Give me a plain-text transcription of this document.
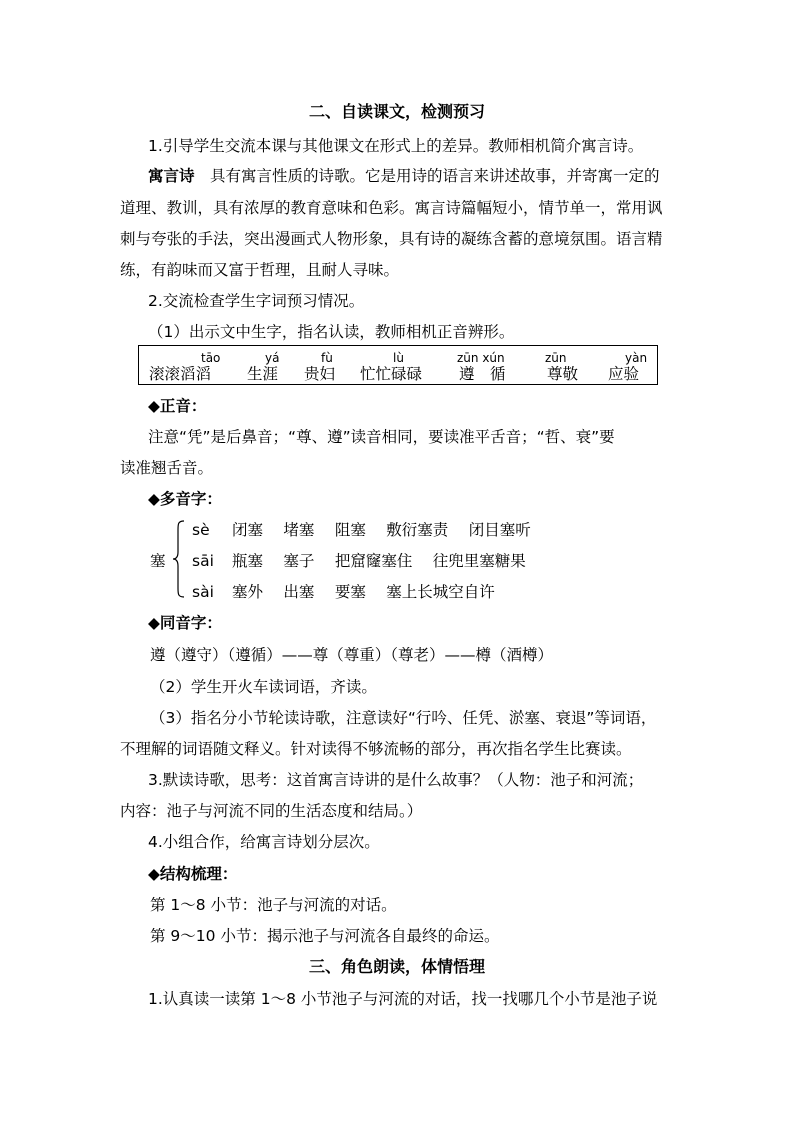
二、自读课文，检测预习
1.引导学生交流本课与其他课文在形式上的差异。教师相机简介寓言诗。
寓言诗　 具有寓言性质的诗歌。它是用诗的语言来讲述故事，并寄寓一定的
道理、教训，具有浓厚的教育意味和色彩。寓言诗篇幅短小，情节单一，常用讽
刺与夸张的手法，突出漫画式人物形象，具有诗的凝练含蓄的意境氛围。语言精
练，有韵味而又富于哲理，且耐人寻味。
2.交流检查学生字词预习情况。
（1）出示文中生字，指名认读，教师相机正音辨形。
tāo
滚滚滔滔
yá
生涯
fù
贵妇
lù
忙忙碌碌
zūn xún
遵　循
zūn
尊敬
yàn
应验
◆正音：
注意“凭”是后鼻音；“尊、遵”读音相同，要读准平舌音；“哲、衰”要
读准翘舌音。
◆多音字：
塞
sè 闭塞　 堵塞　 阻塞　 敷衍塞责　 闭目塞听
sāi 瓶塞　 塞子　 把窟窿塞住　 往兜里塞糖果
sài 塞外　 出塞　 要塞　 塞上长城空自许
◆同音字：
遵（遵守）（遵循）——尊（尊重）（尊老）——樽（酒樽）
（2）学生开火车读词语，齐读。
（3）指名分小节轮读诗歌，注意读好“行吟、任凭、淤塞、衰退”等词语，
不理解的词语随文释义。针对读得不够流畅的部分，再次指名学生比赛读。
3.默读诗歌，思考：这首寓言诗讲的是什么故事？（人物：池子和河流；
内容：池子与河流不同的生活态度和结局。）
4.小组合作，给寓言诗划分层次。
◆结构梳理：
第 1～8 小节：池子与河流的对话。
第 9～10 小节：揭示池子与河流各自最终的命运。
三、角色朗读，体情悟理
1.认真读一读第 1～8 小节池子与河流的对话，找一找哪几个小节是池子说
